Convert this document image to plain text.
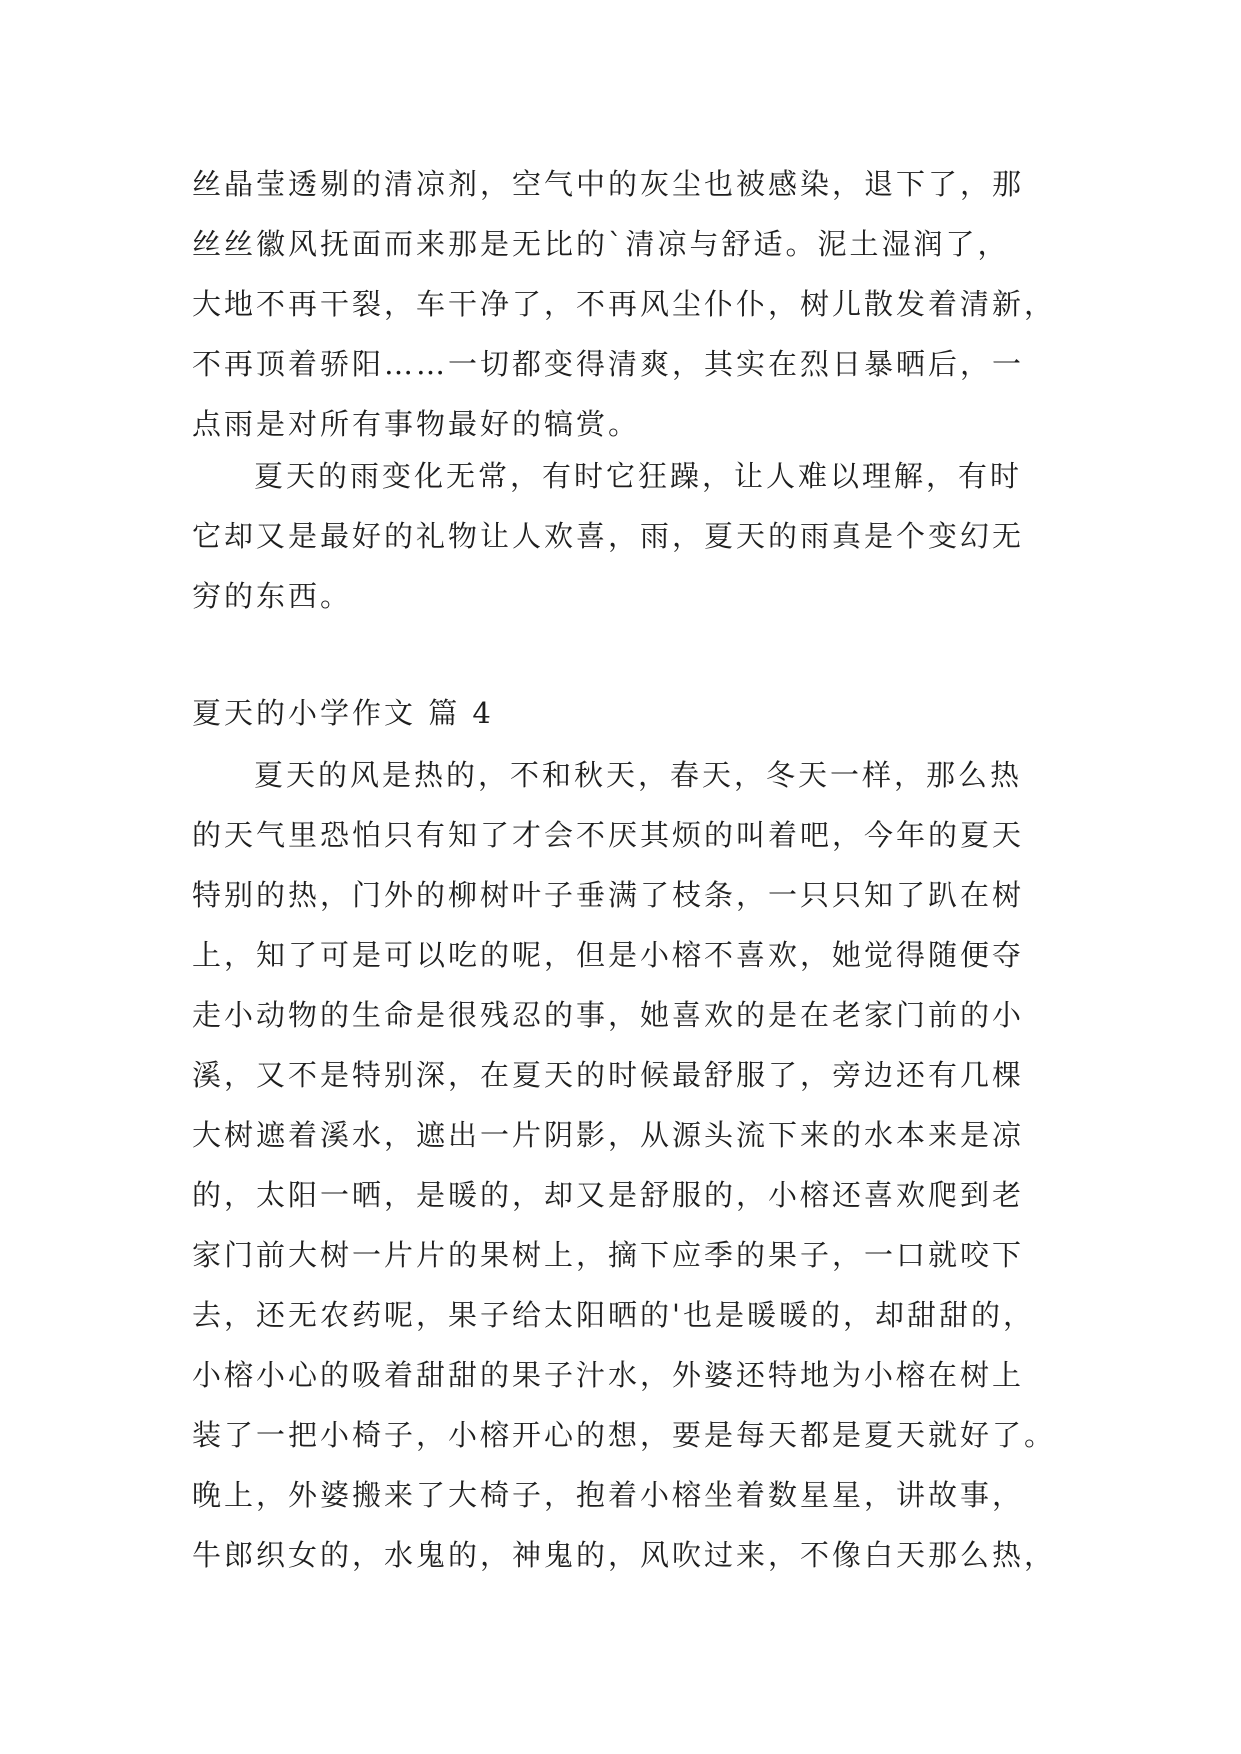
丝晶莹透剔的清凉剂，空气中的灰尘也被感染，退下了，那
丝丝徽风抚面而来那是无比的`清凉与舒适。泥土湿润了，
大地不再干裂，车干净了，不再风尘仆仆，树儿散发着清新，
不再顶着骄阳……一切都变得清爽，其实在烈日暴晒后，一
点雨是对所有事物最好的犒赏。
夏天的雨变化无常，有时它狂躁，让人难以理解，有时
它却又是最好的礼物让人欢喜，雨，夏天的雨真是个变幻无
穷的东西。
夏天的小学作文 篇 4
夏天的风是热的，不和秋天，春天，冬天一样，那么热
的天气里恐怕只有知了才会不厌其烦的叫着吧，今年的夏天
特别的热，门外的柳树叶子垂满了枝条，一只只知了趴在树
上，知了可是可以吃的呢，但是小榕不喜欢，她觉得随便夺
走小动物的生命是很残忍的事，她喜欢的是在老家门前的小
溪，又不是特别深，在夏天的时候最舒服了，旁边还有几棵
大树遮着溪水，遮出一片阴影，从源头流下来的水本来是凉
的，太阳一晒，是暖的，却又是舒服的，小榕还喜欢爬到老
家门前大树一片片的果树上，摘下应季的果子，一口就咬下
去，还无农药呢，果子给太阳晒的'也是暖暖的，却甜甜的，
小榕小心的吸着甜甜的果子汁水，外婆还特地为小榕在树上
装了一把小椅子，小榕开心的想，要是每天都是夏天就好了。
晚上，外婆搬来了大椅子，抱着小榕坐着数星星，讲故事，
牛郎织女的，水鬼的，神鬼的，风吹过来，不像白天那么热，
